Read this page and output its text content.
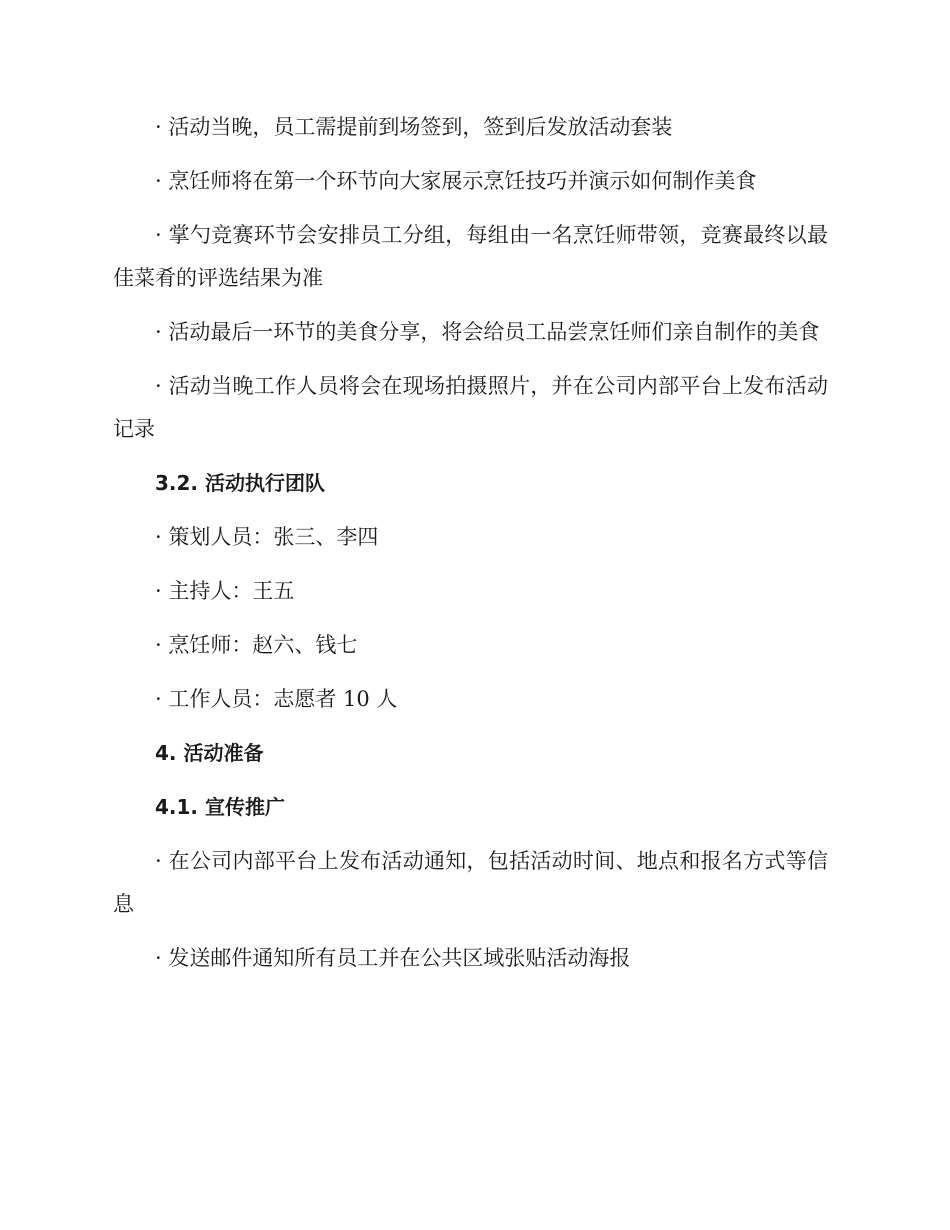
· 活动当晚，员工需提前到场签到，签到后发放活动套装

· 烹饪师将在第一个环节向大家展示烹饪技巧并演示如何制作美食

· 掌勺竞赛环节会安排员工分组，每组由一名烹饪师带领，竞赛最终以最佳菜肴的评选结果为准

· 活动最后一环节的美食分享，将会给员工品尝烹饪师们亲自制作的美食

· 活动当晚工作人员将会在现场拍摄照片，并在公司内部平台上发布活动记录

3.2. 活动执行团队

· 策划人员：张三、李四

· 主持人：王五

· 烹饪师：赵六、钱七

· 工作人员：志愿者 10 人

4. 活动准备

4.1. 宣传推广

· 在公司内部平台上发布活动通知，包括活动时间、地点和报名方式等信息

· 发送邮件通知所有员工并在公共区域张贴活动海报
